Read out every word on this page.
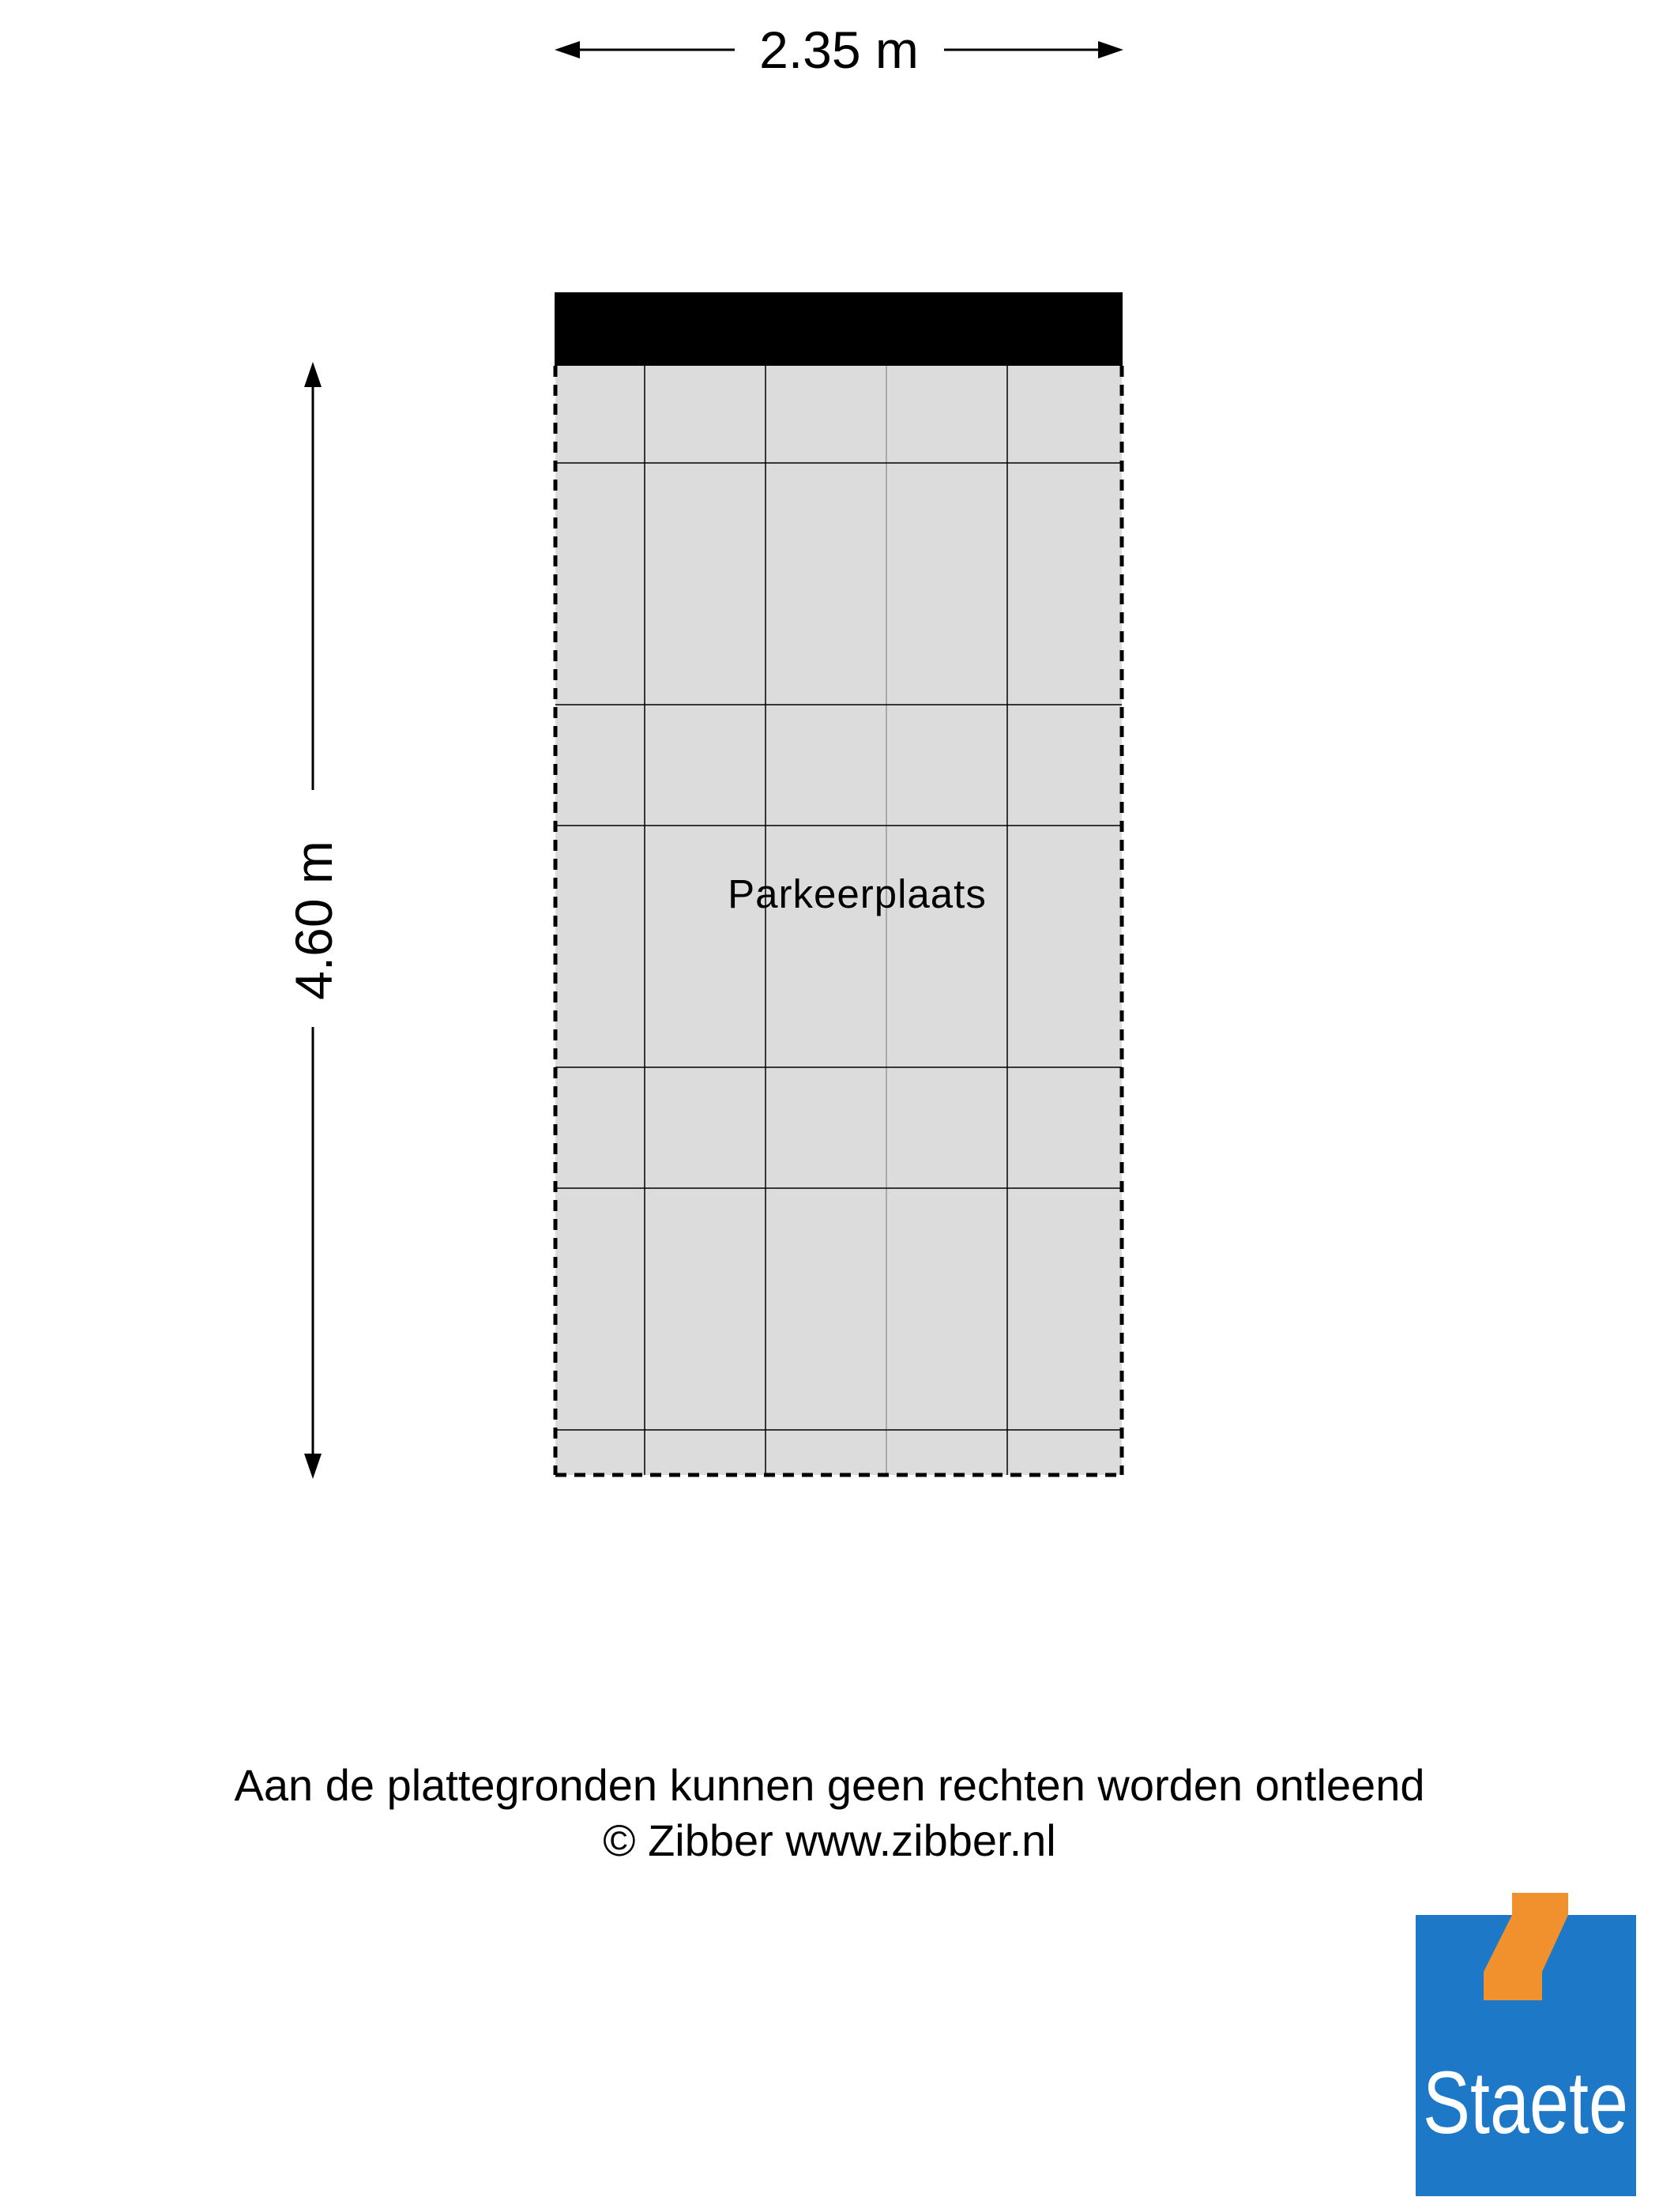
2.35 m
4.60 m	Parkeerplaats
Staete
Aan de plattegronden kunnen geen rechten worden ontleend
© Zibber www.zibber.nl
